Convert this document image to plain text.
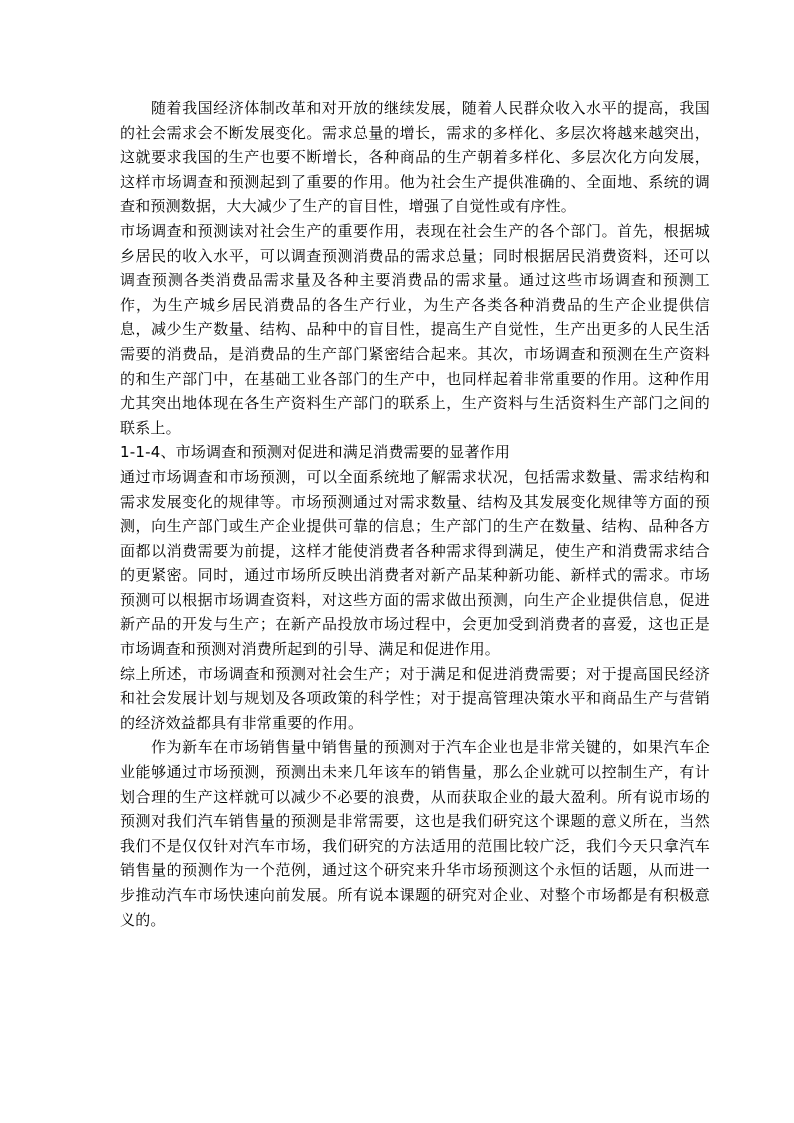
随着我国经济体制改革和对开放的继续发展，随着人民群众收入水平的提高，我国的社会需求会不断发展变化。需求总量的增长，需求的多样化、多层次将越来越突出，这就要求我国的生产也要不断增长，各种商品的生产朝着多样化、多层次化方向发展，这样市场调查和预测起到了重要的作用。他为社会生产提供准确的、全面地、系统的调查和预测数据，大大减少了生产的盲目性，增强了自觉性或有序性。

市场调查和预测读对社会生产的重要作用，表现在社会生产的各个部门。首先，根据城乡居民的收入水平，可以调查预测消费品的需求总量；同时根据居民消费资料，还可以调查预测各类消费品需求量及各种主要消费品的需求量。通过这些市场调查和预测工作，为生产城乡居民消费品的各生产行业，为生产各类各种消费品的生产企业提供信息，减少生产数量、结构、品种中的盲目性，提高生产自觉性，生产出更多的人民生活需要的消费品，是消费品的生产部门紧密结合起来。其次，市场调查和预测在生产资料的和生产部门中，在基础工业各部门的生产中，也同样起着非常重要的作用。这种作用尤其突出地体现在各生产资料生产部门的联系上，生产资料与生活资料生产部门之间的联系上。

1-1-4、市场调查和预测对促进和满足消费需要的显著作用

通过市场调查和市场预测，可以全面系统地了解需求状况，包括需求数量、需求结构和需求发展变化的规律等。市场预测通过对需求数量、结构及其发展变化规律等方面的预测，向生产部门或生产企业提供可靠的信息；生产部门的生产在数量、结构、品种各方面都以消费需要为前提，这样才能使消费者各种需求得到满足，使生产和消费需求结合的更紧密。同时，通过市场所反映出消费者对新产品某种新功能、新样式的需求。市场预测可以根据市场调查资料，对这些方面的需求做出预测，向生产企业提供信息，促进新产品的开发与生产；在新产品投放市场过程中，会更加受到消费者的喜爱，这也正是市场调查和预测对消费所起到的引导、满足和促进作用。

综上所述，市场调查和预测对社会生产；对于满足和促进消费需要；对于提高国民经济和社会发展计划与规划及各项政策的科学性；对于提高管理决策水平和商品生产与营销的经济效益都具有非常重要的作用。

作为新车在市场销售量中销售量的预测对于汽车企业也是非常关键的，如果汽车企业能够通过市场预测，预测出未来几年该车的销售量，那么企业就可以控制生产，有计划合理的生产这样就可以减少不必要的浪费，从而获取企业的最大盈利。所有说市场的预测对我们汽车销售量的预测是非常需要，这也是我们研究这个课题的意义所在，当然我们不是仅仅针对汽车市场，我们研究的方法适用的范围比较广泛，我们今天只拿汽车销售量的预测作为一个范例，通过这个研究来升华市场预测这个永恒的话题，从而进一步推动汽车市场快速向前发展。所有说本课题的研究对企业、对整个市场都是有积极意义的。
